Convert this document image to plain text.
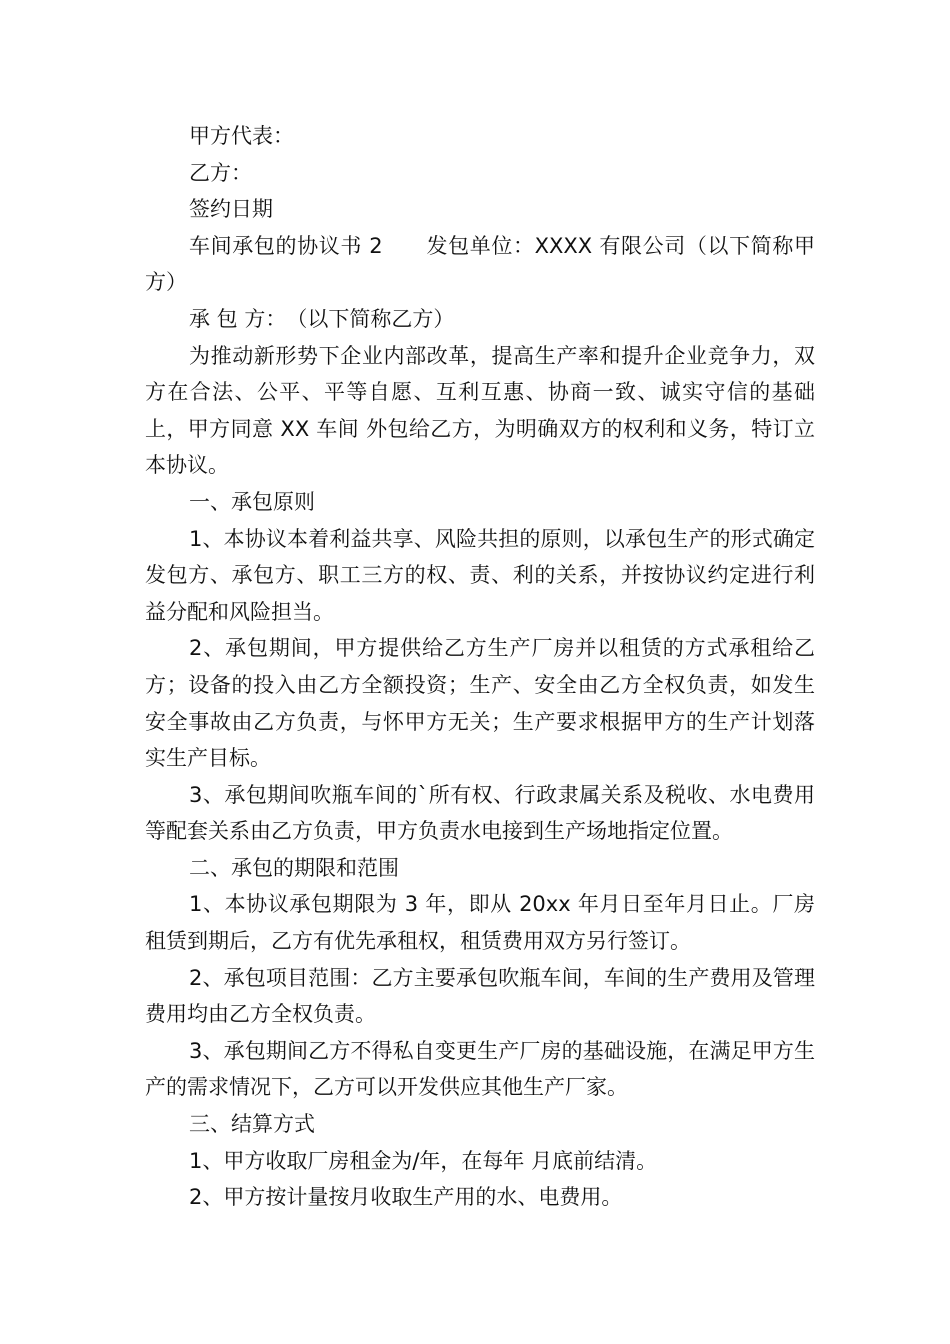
甲方代表：

乙方：

签约日期

车间承包的协议书 2　　发包单位：XXXX 有限公司（以下简称甲方）

承 包 方：　（以下简称乙方）

为推动新形势下企业内部改革，提高生产率和提升企业竞争力，双方在合法、公平、平等自愿、互利互惠、协商一致、诚实守信的基础上，甲方同意 XX 车间 外包给乙方，为明确双方的权利和义务，特订立本协议。

一、承包原则

1、本协议本着利益共享、风险共担的原则，以承包生产的形式确定发包方、承包方、职工三方的权、责、利的关系，并按协议约定进行利益分配和风险担当。

2、承包期间，甲方提供给乙方生产厂房并以租赁的方式承租给乙方；设备的投入由乙方全额投资；生产、安全由乙方全权负责，如发生安全事故由乙方负责，与怀甲方无关；生产要求根据甲方的生产计划落实生产目标。

3、承包期间吹瓶车间的`所有权、行政隶属关系及税收、水电费用等配套关系由乙方负责，甲方负责水电接到生产场地指定位置。

二、承包的期限和范围

1、本协议承包期限为 3 年，即从 20xx 年月日至年月日止。厂房租赁到期后，乙方有优先承租权，租赁费用双方另行签订。

2、承包项目范围：乙方主要承包吹瓶车间，车间的生产费用及管理费用均由乙方全权负责。

3、承包期间乙方不得私自变更生产厂房的基础设施，在满足甲方生产的需求情况下，乙方可以开发供应其他生产厂家。

三、结算方式

1、甲方收取厂房租金为/年，在每年 月底前结清。

2、甲方按计量按月收取生产用的水、电费用。
